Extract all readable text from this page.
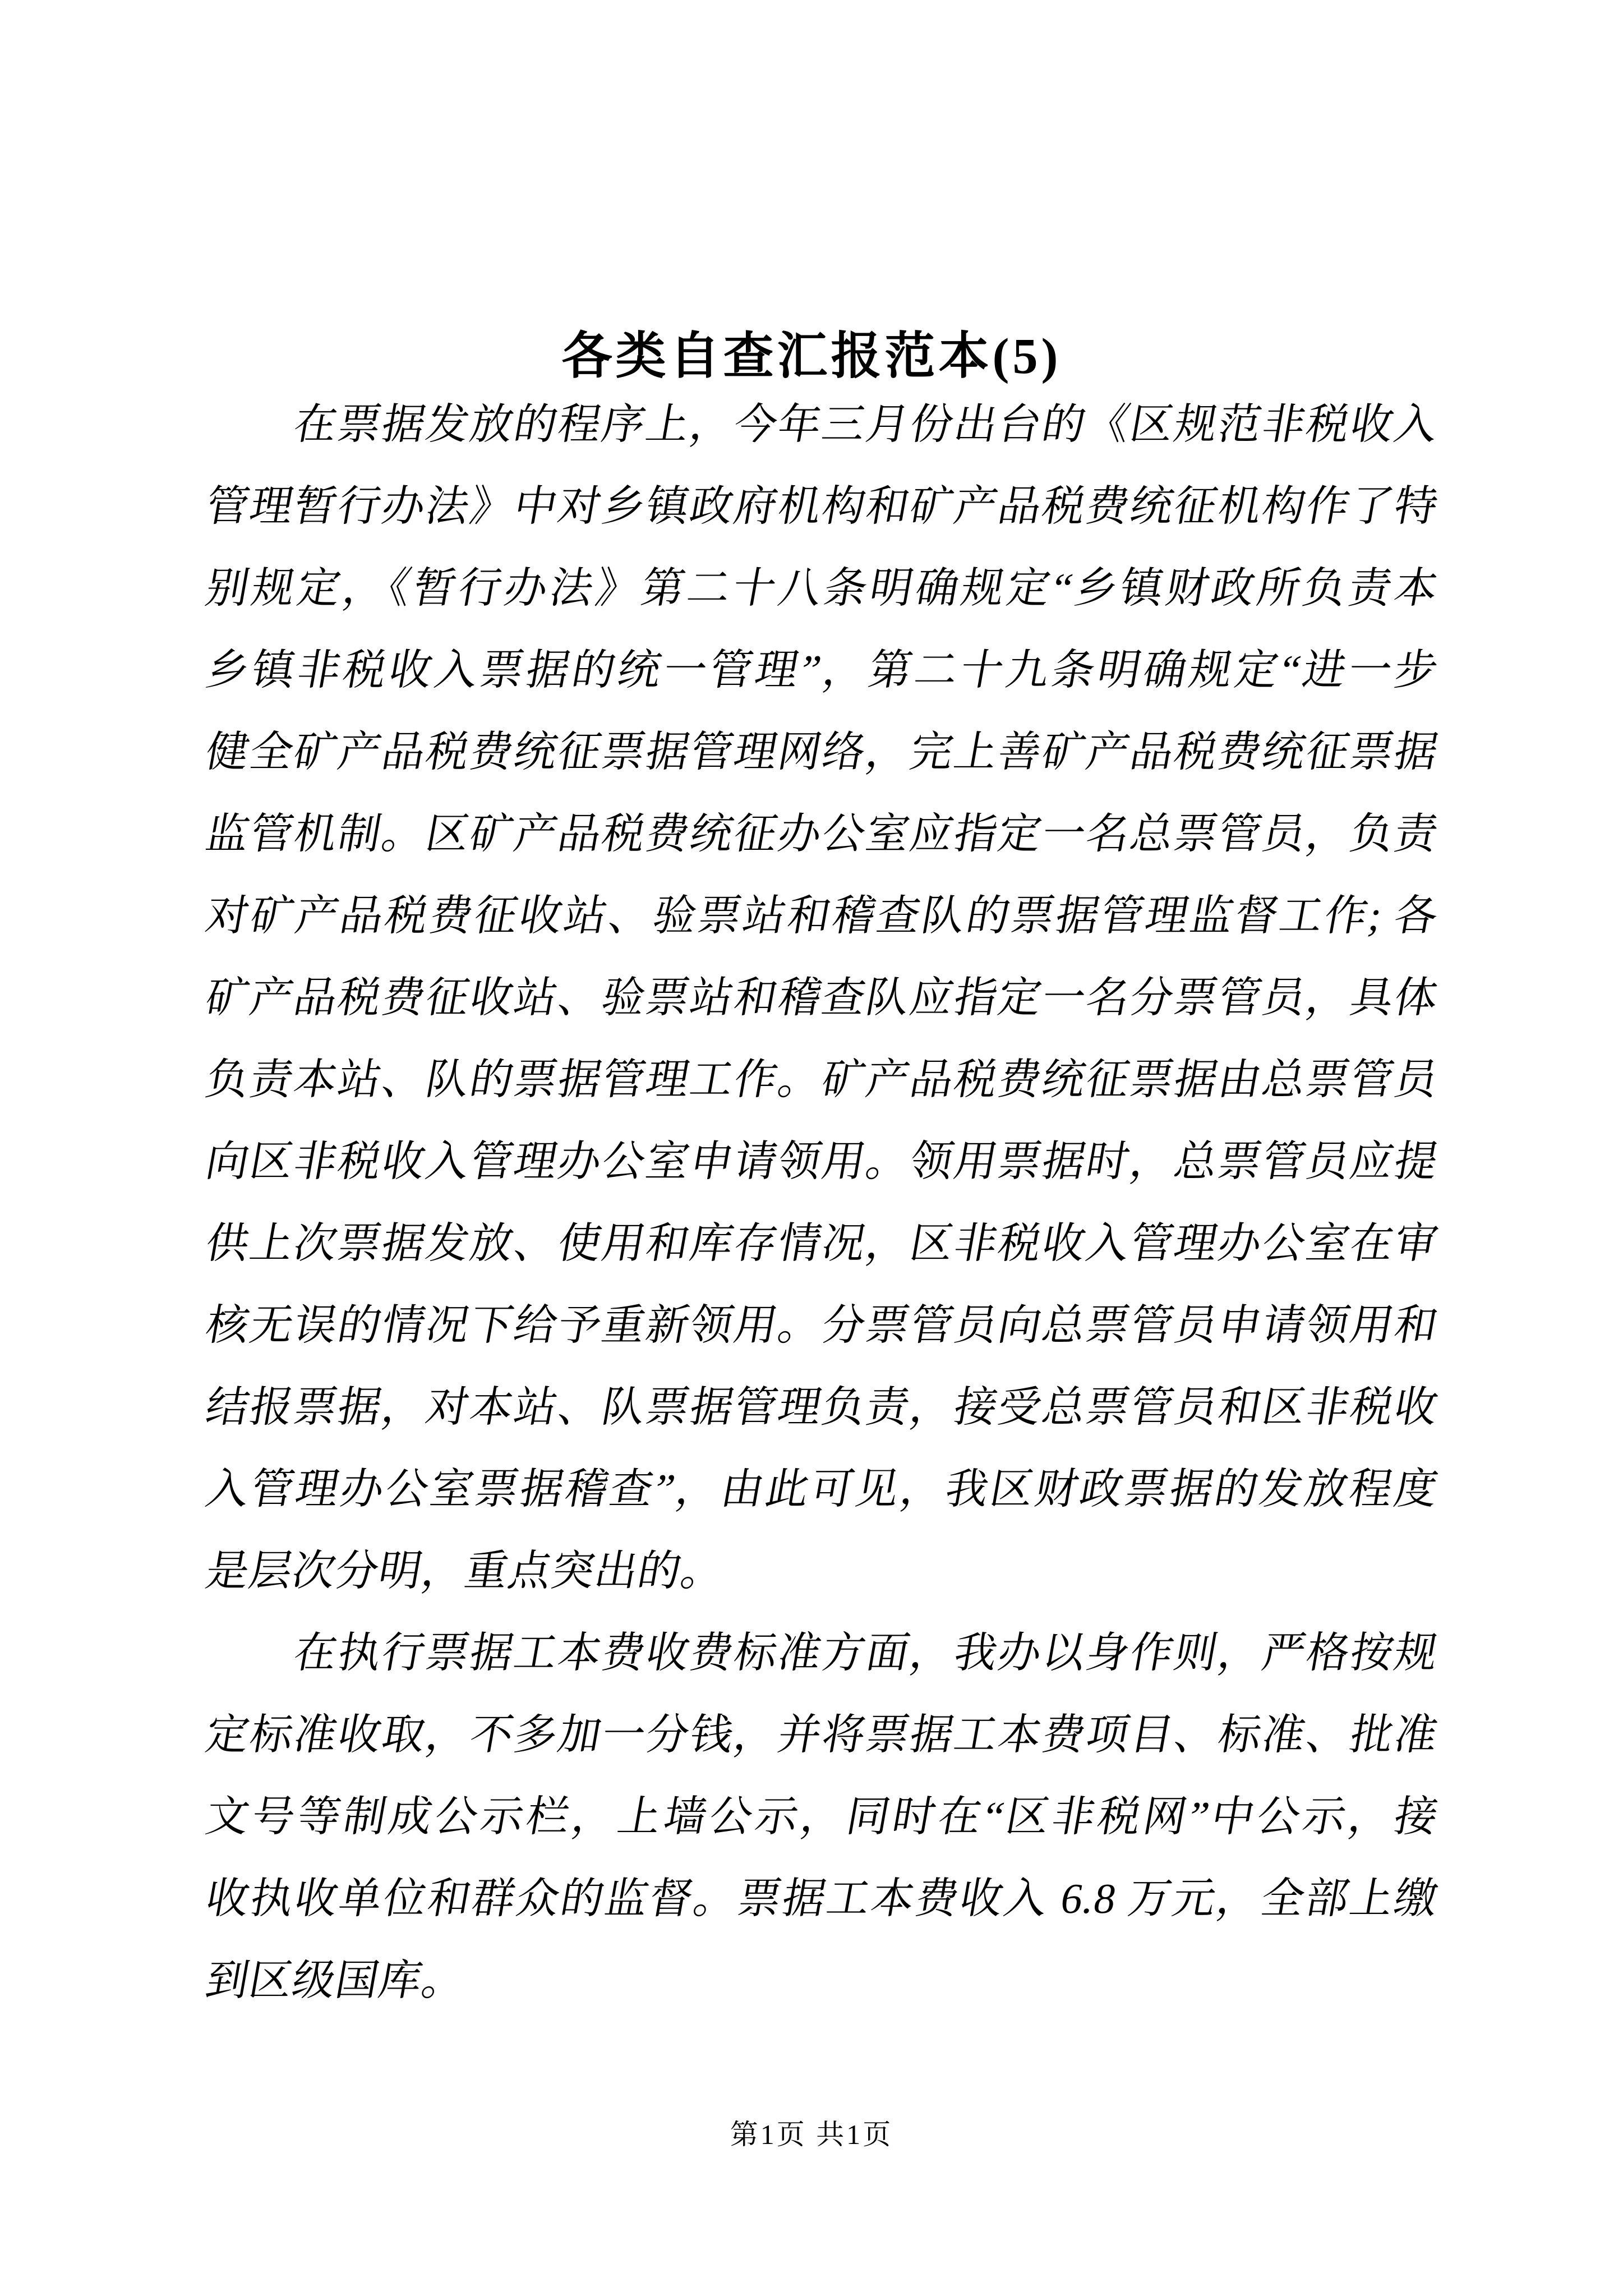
各类自查汇报范本(5)
　　在票据发放的程序上，今年三月份出台的《区规范非税收入
管理暂行办法》中对乡镇政府机构和矿产品税费统征机构作了特
别规定，《暂行办法》第二十八条明确规定“乡镇财政所负责本
乡镇非税收入票据的统一管理”，第二十九条明确规定“进一步
健全矿产品税费统征票据管理网络，完上善矿产品税费统征票据
监管机制。区矿产品税费统征办公室应指定一名总票管员，负责
对矿产品税费征收站、验票站和稽查队的票据管理监督工作; 各
矿产品税费征收站、验票站和稽查队应指定一名分票管员，具体
负责本站、队的票据管理工作。矿产品税费统征票据由总票管员
向区非税收入管理办公室申请领用。领用票据时，总票管员应提
供上次票据发放、使用和库存情况，区非税收入管理办公室在审
核无误的情况下给予重新领用。分票管员向总票管员申请领用和
结报票据，对本站、队票据管理负责，接受总票管员和区非税收
入管理办公室票据稽查”，由此可见，我区财政票据的发放程度
是层次分明，重点突出的。
　　在执行票据工本费收费标准方面，我办以身作则，严格按规
定标准收取，不多加一分钱，并将票据工本费项目、标准、批准
文号等制成公示栏，上墙公示，同时在“区非税网”中公示，接
收执收单位和群众的监督。票据工本费收入 6.8 万元，全部上缴
到区级国库。
第1页 共1页
